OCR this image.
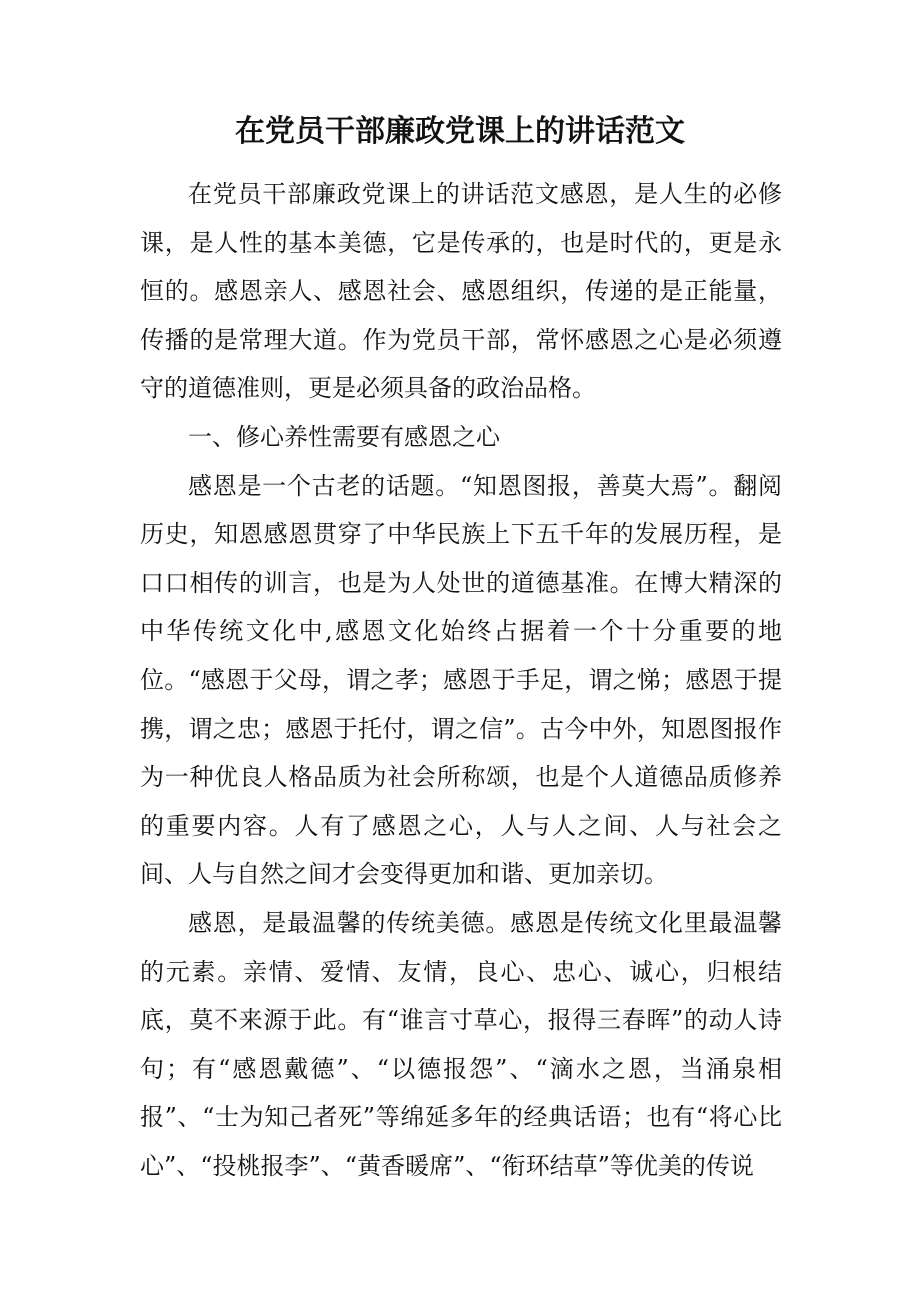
在党员干部廉政党课上的讲话范文

在党员干部廉政党课上的讲话范文感恩，是人生的必修课，是人性的基本美德，它是传承的，也是时代的，更是永恒的。感恩亲人、感恩社会、感恩组织，传递的是正能量，传播的是常理大道。作为党员干部，常怀感恩之心是必须遵守的道德准则，更是必须具备的政治品格。

一、修心养性需要有感恩之心

感恩是一个古老的话题。“知恩图报，善莫大焉”。翻阅历史，知恩感恩贯穿了中华民族上下五千年的发展历程，是口口相传的训言，也是为人处世的道德基准。在博大精深的中华传统文化中,感恩文化始终占据着一个十分重要的地位。“感恩于父母，谓之孝；感恩于手足，谓之悌；感恩于提携，谓之忠；感恩于托付，谓之信”。古今中外，知恩图报作为一种优良人格品质为社会所称颂，也是个人道德品质修养的重要内容。人有了感恩之心，人与人之间、人与社会之间、人与自然之间才会变得更加和谐、更加亲切。

感恩，是最温馨的传统美德。感恩是传统文化里最温馨的元素。亲情、爱情、友情，良心、忠心、诚心，归根结底，莫不来源于此。有“谁言寸草心，报得三春晖”的动人诗句；有“感恩戴德”、“以德报怨”、“滴水之恩，当涌泉相报”、“士为知己者死”等绵延多年的经典话语；也有“将心比心”、“投桃报李”、“黄香暖席”、“衔环结草”等优美的传说
